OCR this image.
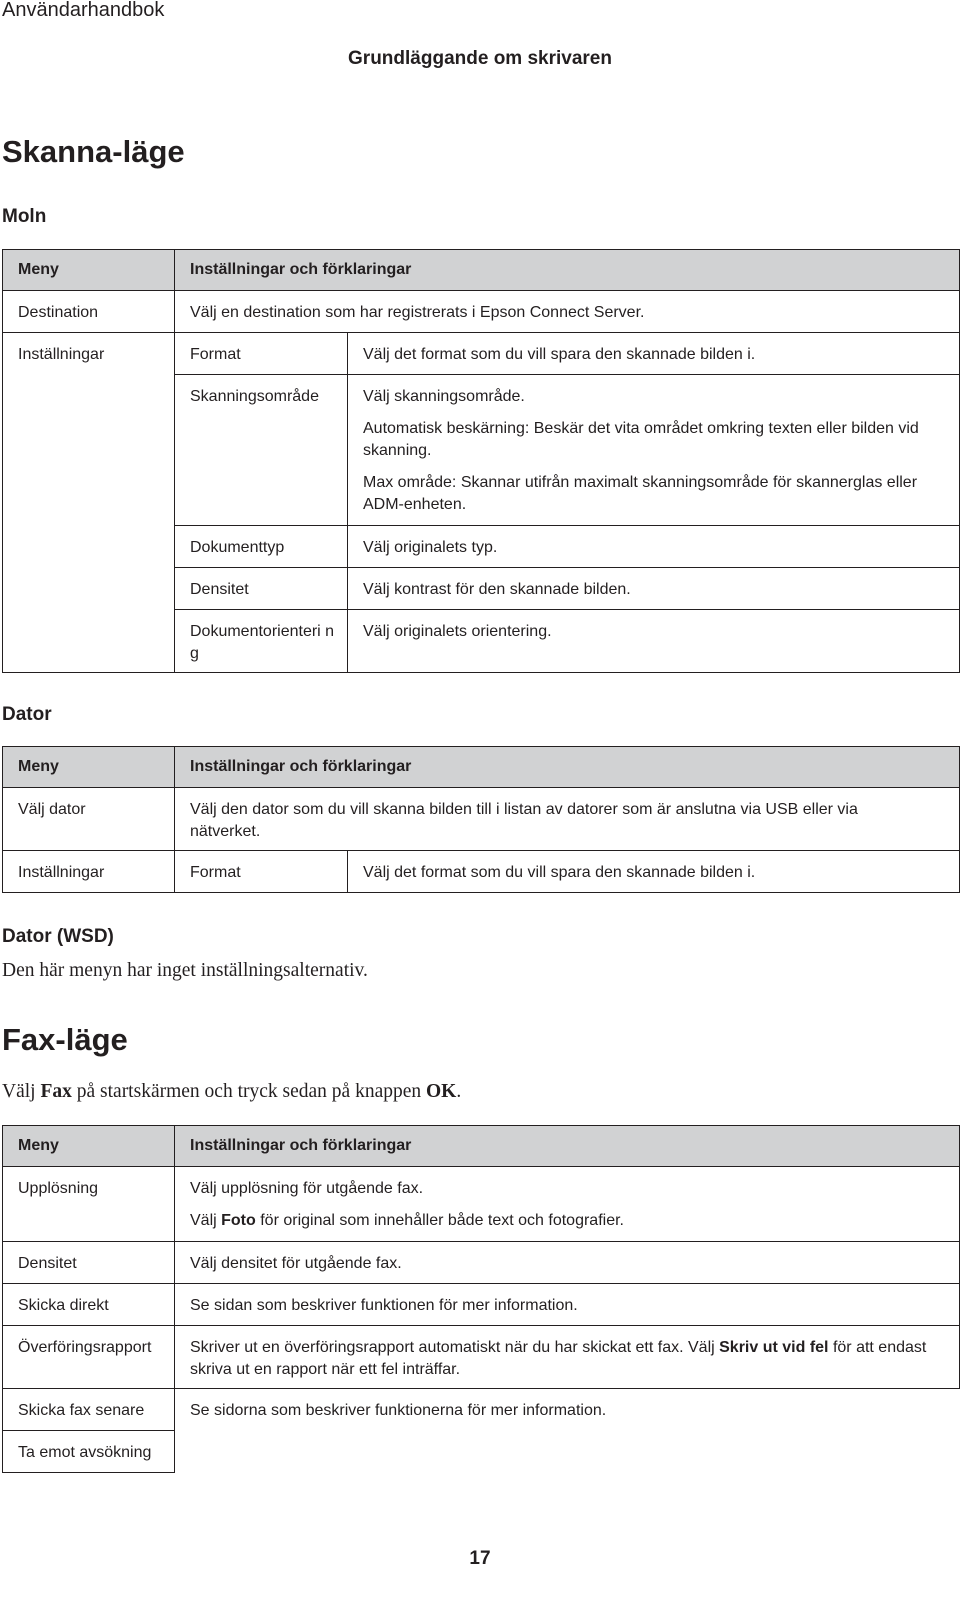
Användarhandbok
Grundläggande om skrivaren
Skanna-läge
Moln
Meny	Inställningar och förklaringar	

Destination	Välj en destination som har registrerats i Epson Connect Server.	

Inställningar	Format	Välj det format som du vill spara den skannade bilden i.

	Skanningsområde	Välj skanningsområde.
Automatisk beskärning: Beskär det vita området omkring texten eller bilden vid skanning.
Max område: Skannar utifrån maximalt skanningsområde för skannerglas eller ADM-enheten.

	Dokumenttyp	Välj originalets typ.

	Densitet	Välj kontrast för den skannade bilden.

	Dokumentorienteri ng	Välj originalets orientering.
Dator
Meny	Inställningar och förklaringar	

Välj dator	Välj den dator som du vill skanna bilden till i listan av datorer som är anslutna via USB eller via nätverket.	

Inställningar	Format	Välj det format som du vill spara den skannade bilden i.
Dator (WSD)
Den här menyn har inget inställningsalternativ.
Fax-läge
Välj Fax på startskärmen och tryck sedan på knappen OK.
Meny	Inställningar och förklaringar

Upplösning	Välj upplösning för utgående fax.
Välj Foto för original som innehåller både text och fotografier.

Densitet	Välj densitet för utgående fax.

Skicka direkt	Se sidan som beskriver funktionen för mer information.

Överföringsrapport	Skriver ut en överföringsrapport automatiskt när du har skickat ett fax. Välj Skriv ut vid fel för att endast skriva ut en rapport när ett fel inträffar.

Skicka fax senare	Se sidorna som beskriver funktionerna för mer information.

Ta emot avsökning	
17
